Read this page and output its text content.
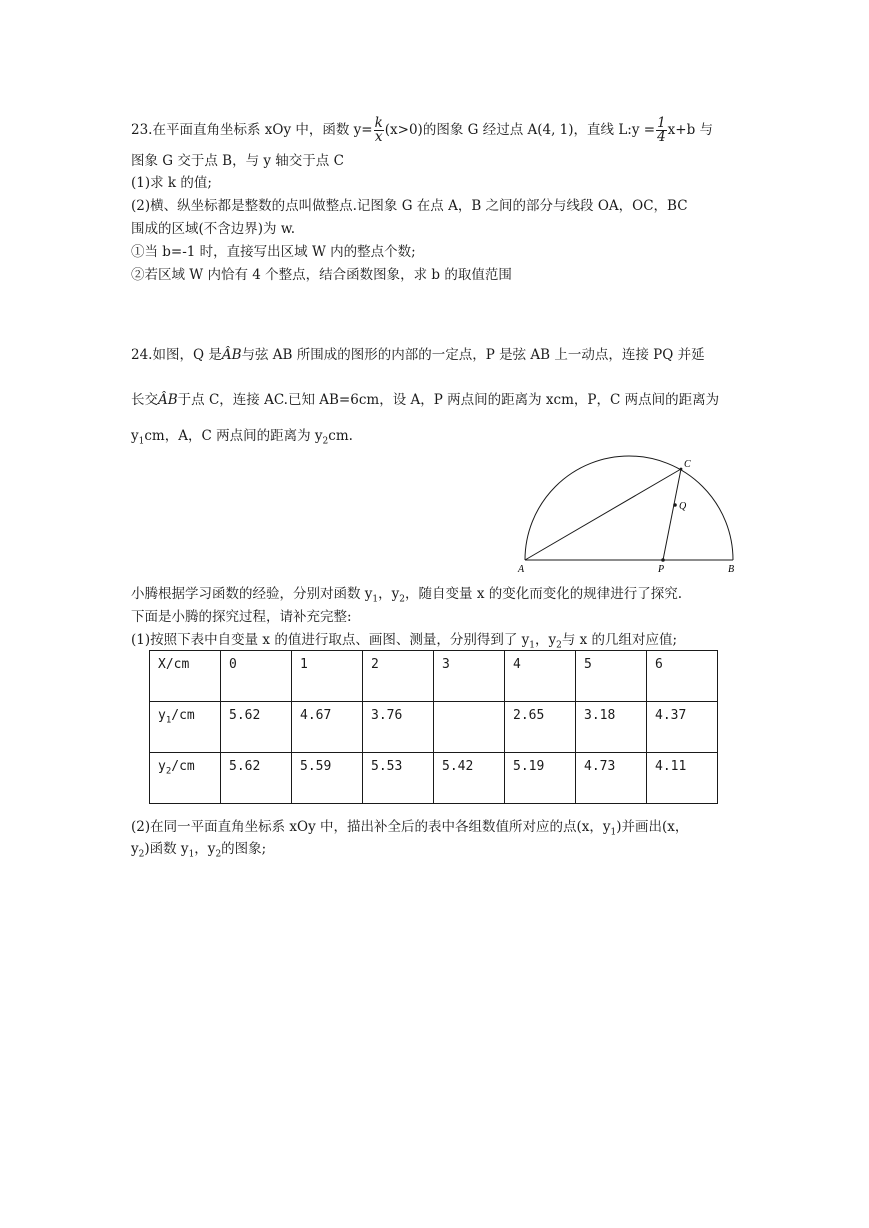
23.在平面直角坐标系 xOy 中，函数 $y= \frac{k}{x} (x>0)$的图象 G 经过点 A(4, 1)，直线 L:y = $\frac{1}{4} x+b$ 与
图象 G 交于点 B，与 y 轴交于点 C
(1)求 k 的值;
(2)横、纵坐标都是整数的点叫做整点.记图象 G 在点 A，B 之间的部分与线段 OA，OC，BC
围成的区域(不含边界)为 w.
①当 b=-1 时，直接写出区域 W 内的整点个数;
②若区域 W 内恰有 4 个整点，结合函数图象，求 b 的取值范围
24.如图，Q 是ÂB与弦 AB 所围成的图形的内部的一定点，P 是弦 AB 上一动点，连接 PQ 并延
长交ÂB于点 C，连接 AC.已知 AB=6cm，设 A，P 两点间的距离为 xcm，P，C 两点间的距离为
$y_1cm$，A，C 两点间的距离为 $y_2cm$.
A	B
C
P
Q
小腾根据学习函数的经验，分别对函数 $y_1$，$y_2$，随自变量 x 的变化而变化的规律进行了探究.
下面是小腾的探究过程，请补充完整:
(1)按照下表中自变量 x 的值进行取点、画图、测量，分别得到了 $y_1$，$y_2$与 x 的几组对应值;
X/cm	0	1	2	3	4	5	6
$y_1/cm$	5.62	4.67	3.76		2.65	3.18	4.37
$y_2/cm$	5.62	5.59	5.53	5.42	5.19	4.73	4.11
(2)在同一平面直角坐标系 xOy 中，描出补全后的表中各组数值所对应的点(x，$y_1$)并画出(x，
$y_2$)函数 $y_1$，$y_2$的图象;
